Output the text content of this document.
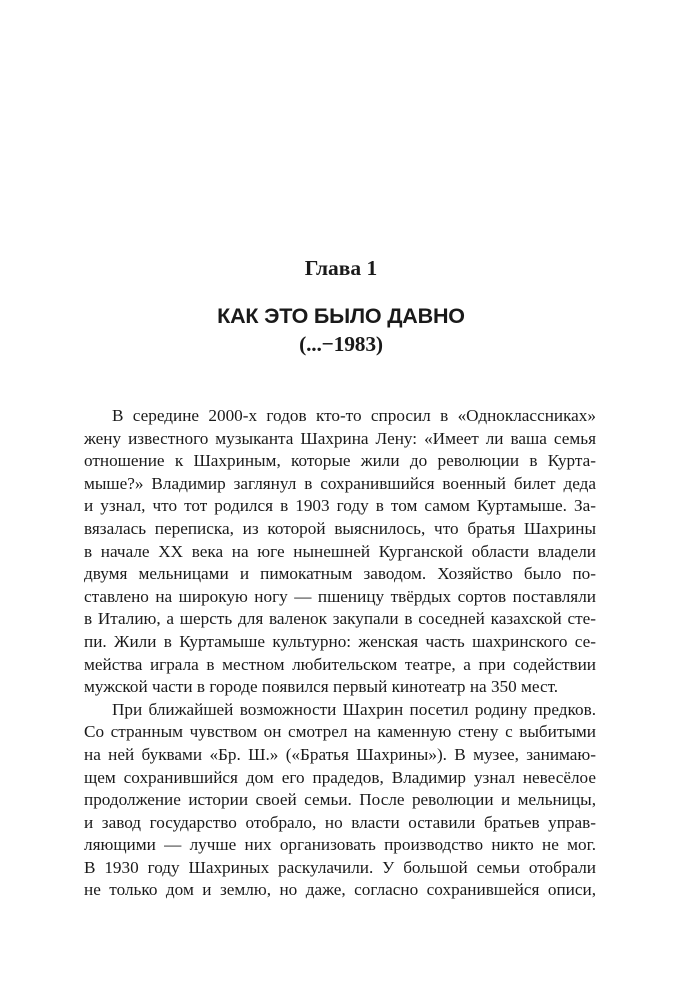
Глава 1
КАК ЭТО БЫЛО ДАВНО
(...−1983)
В середине 2000-х годов кто-то спросил в «Одноклассниках»
жену известного музыканта Шахрина Лену: «Имеет ли ваша семья
отношение к Шахриным, которые жили до революции в Курта-
мыше?» Владимир заглянул в сохранившийся военный билет деда
и узнал, что тот родился в 1903 году в том самом Куртамыше. За-
вязалась переписка, из которой выяснилось, что братья Шахрины
в начале XX века на юге нынешней Курганской области владели
двумя мельницами и пимокатным заводом. Хозяйство было по-
ставлено на широкую ногу — пшеницу твёрдых сортов поставляли
в Италию, а шерсть для валенок закупали в соседней казахской сте-
пи. Жили в Куртамыше культурно: женская часть шахринского се-
мейства играла в местном любительском театре, а при содействии
мужской части в городе появился первый кинотеатр на 350 мест.
При ближайшей возможности Шахрин посетил родину предков.
Со странным чувством он смотрел на каменную стену с выбитыми
на ней буквами «Бр. Ш.» («Братья Шахрины»). В музее, занимаю-
щем сохранившийся дом его прадедов, Владимир узнал невесёлое
продолжение истории своей семьи. После революции и мельницы,
и завод государство отобрало, но власти оставили братьев управ-
ляющими — лучше них организовать производство никто не мог.
В 1930 году Шахриных раскулачили. У большой семьи отобрали
не только дом и землю, но даже, согласно сохранившейся описи,
